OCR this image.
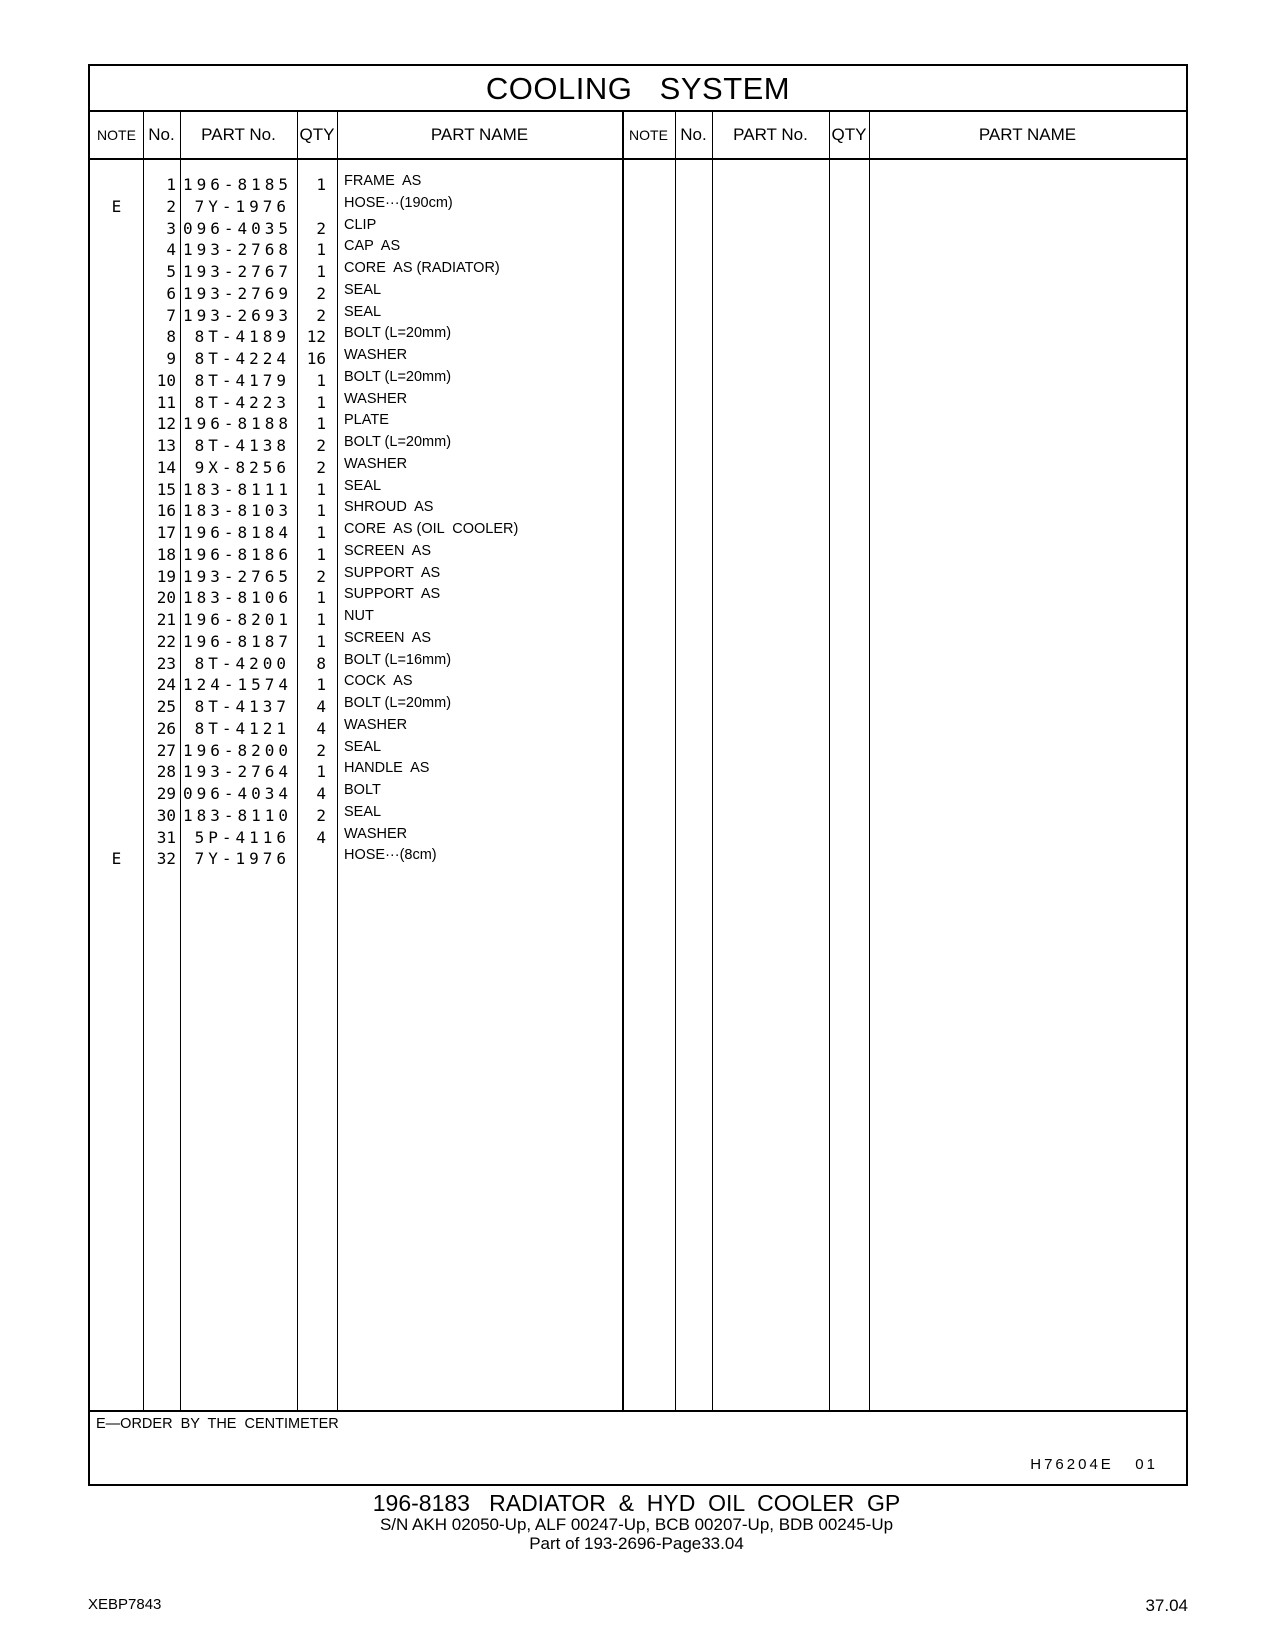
COOLING   SYSTEM
NOTE No.	PART No.	QTY	PART NAME	NOTE No.	PART No.	QTY	PART NAME
1 196-8185	1 FRAME  AS
E	2	7Y-1976	HOSE···(190cm)
3 096-4035	2 CLIP
4 193-2768	1 CAP  AS
5 193-2767	1 CORE  AS (RADIATOR)
6 193-2769	2 SEAL
7 193-2693	2 SEAL
8	8T-4189	12 BOLT (L=20mm)
9	8T-4224	16 WASHER
10	8T-4179	1 BOLT (L=20mm)
11	8T-4223	1 WASHER
12 196-8188	1 PLATE
13	8T-4138	2 BOLT (L=20mm)
14	9X-8256	2 WASHER
15 183-8111	1 SEAL
16 183-8103	1 SHROUD  AS
17 196-8184	1 CORE  AS (OIL  COOLER)
18 196-8186	1 SCREEN  AS
19 193-2765	2 SUPPORT  AS
20 183-8106	1 SUPPORT  AS
21 196-8201	1 NUT
22 196-8187	1 SCREEN  AS
23	8T-4200	8 BOLT (L=16mm)
24 124-1574	1 COCK  AS
25	8T-4137	4 BOLT (L=20mm)
26	8T-4121	4 WASHER
27 196-8200	2 SEAL
28 193-2764	1 HANDLE  AS
29 096-4034	4 BOLT
30 183-8110	2 SEAL
31	5P-4116	4 WASHER
E	32	7Y-1976	HOSE···(8cm)
E—ORDER  BY  THE  CENTIMETER
H76204E   01
196-8183   RADIATOR  &  HYD  OIL  COOLER  GP
S/N AKH 02050-Up, ALF 00247-Up, BCB 00207-Up, BDB 00245-Up
Part of 193-2696-Page33.04
XEBP7843	37.04
